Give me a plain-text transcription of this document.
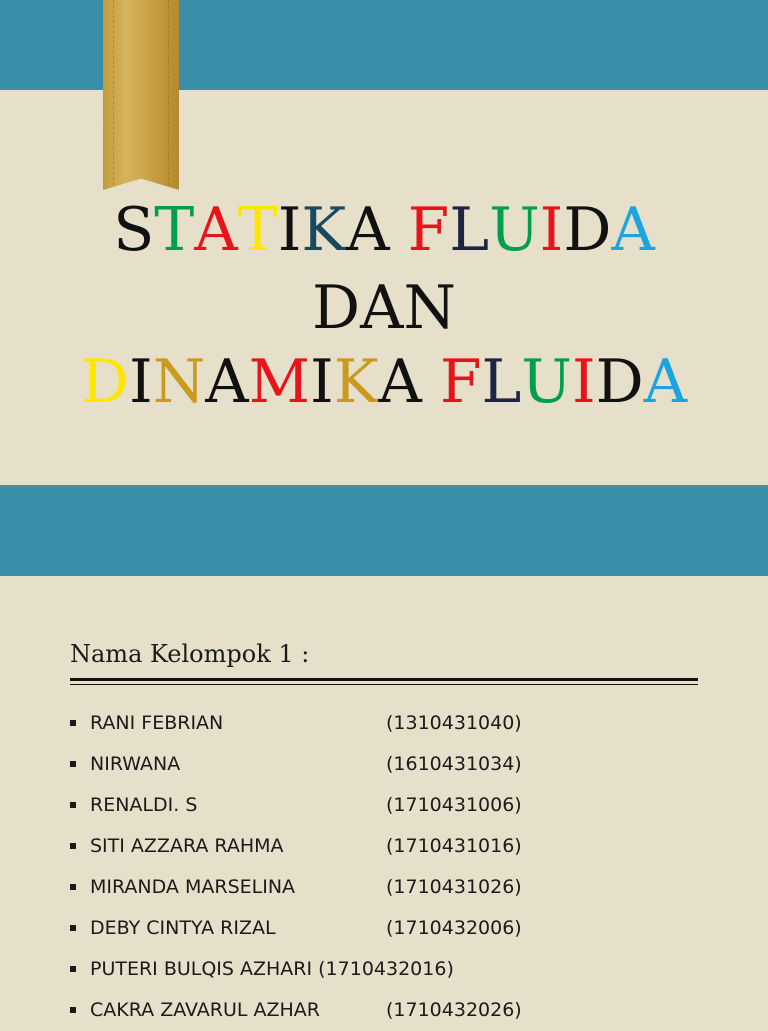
STATIKA FLUIDA
DAN
DINAMIKA FLUIDA
Nama Kelompok 1 :
RANI FEBRIAN	(1310431040)
NIRWANA	(1610431034)
RENALDI. S	(1710431006)
SITI AZZARA RAHMA	(1710431016)
MIRANDA MARSELINA	(1710431026)
DEBY CINTYA RIZAL	(1710432006)
PUTERI BULQIS AZHARI (1710432016)
CAKRA ZAVARUL AZHAR	(1710432026)
